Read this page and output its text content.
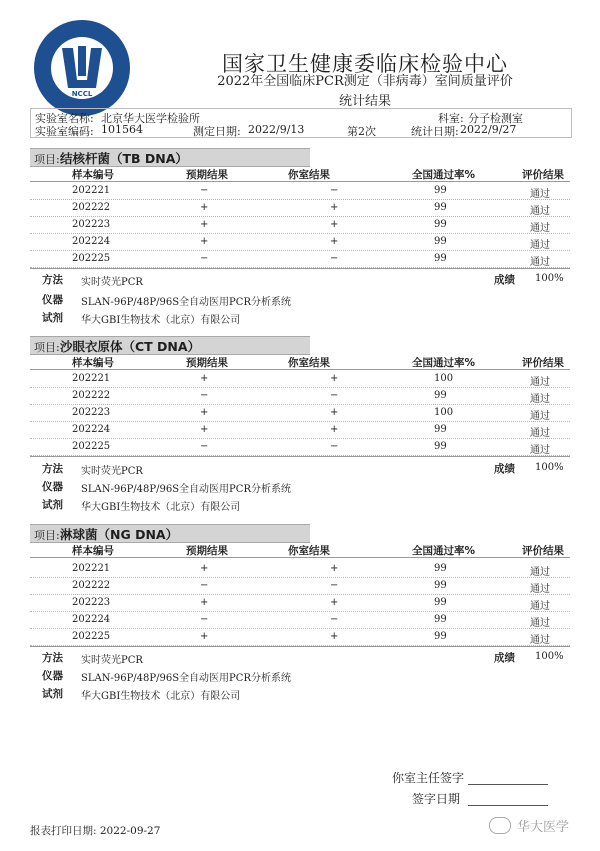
NCCL
国家卫生健康委临床检验中心
2022年全国临床PCR测定（非病毒）室间质量评价
统计结果
实验室名称: 北京华大医学检验所	科室: 分子检测室
实验室编码: 101564	测定日期: 2022/9/13	第2次	统计日期: 2022/9/27
项目: 结核杆菌（TB DNA）
样本编号	预期结果	你室结果	全国通过率%	评价结果
202221	−	−	99	通过
202222	+	+	99	通过
202223	+	+	99	通过
202224	+	+	99	通过
202225	−	−	99	通过
方法 实时荧光PCR	成绩 100%
仪器 SLAN-96P/48P/96S全自动医用PCR分析系统
试剂 华大GBI生物技术（北京）有限公司
项目: 沙眼衣原体（CT DNA）
样本编号	预期结果	你室结果	全国通过率%	评价结果
202221	+	+	100	通过
202222	−	−	99	通过
202223	+	+	100	通过
202224	+	+	99	通过
202225	−	−	99	通过
方法 实时荧光PCR	成绩 100%
仪器 SLAN-96P/48P/96S全自动医用PCR分析系统
试剂 华大GBI生物技术（北京）有限公司
项目: 淋球菌（NG DNA）
样本编号	预期结果	你室结果	全国通过率%	评价结果
202221	+	+	99	通过
202222	−	−	99	通过
202223	+	+	99	通过
202224	−	−	99	通过
202225	+	+	99	通过
方法 实时荧光PCR	成绩 100%
仪器 SLAN-96P/48P/96S全自动医用PCR分析系统
试剂 华大GBI生物技术（北京）有限公司
你室主任签字
签字日期
报表打印日期: 2022-09-27	华大医学
